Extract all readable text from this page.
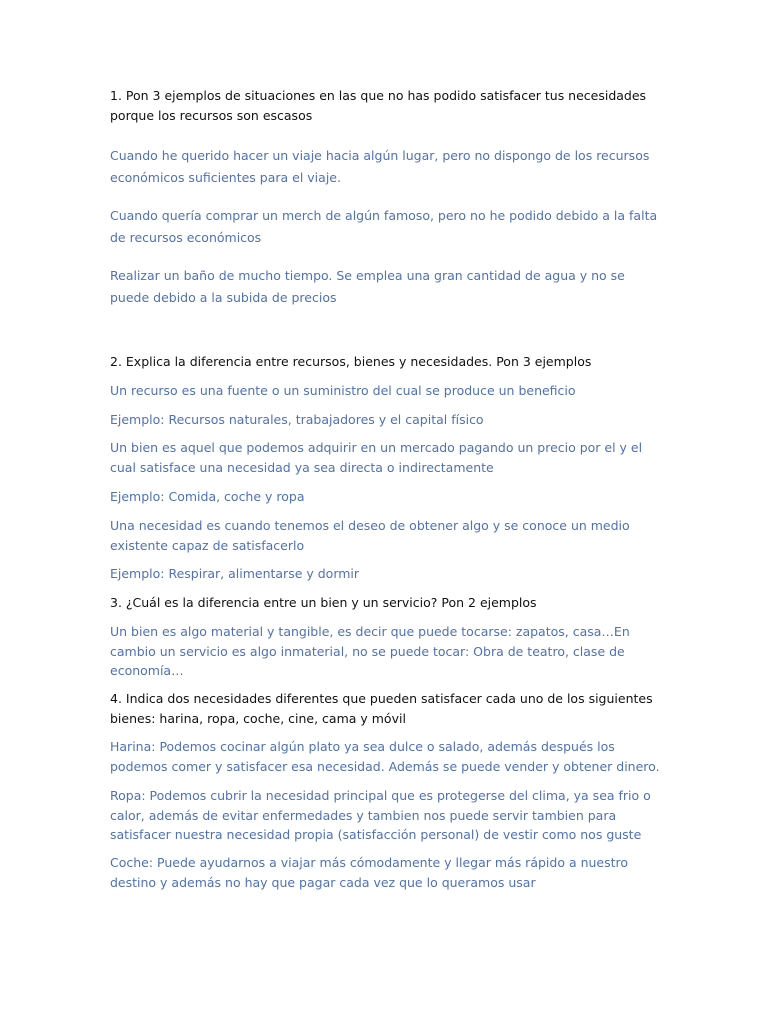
1. Pon 3 ejemplos de situaciones en las que no has podido satisfacer tus necesidades porque los recursos son escasos

Cuando he querido hacer un viaje hacia algún lugar, pero no dispongo de los recursos económicos suficientes para el viaje.

Cuando quería comprar un merch de algún famoso, pero no he podido debido a la falta de recursos económicos

Realizar un baño de mucho tiempo. Se emplea una gran cantidad de agua y no se puede debido a la subida de precios

2. Explica la diferencia entre recursos, bienes y necesidades. Pon 3 ejemplos

Un recurso es una fuente o un suministro del cual se produce un beneficio

Ejemplo: Recursos naturales, trabajadores y el capital físico

Un bien es aquel que podemos adquirir en un mercado pagando un precio por el y el cual satisface una necesidad ya sea directa o indirectamente

Ejemplo: Comida, coche y ropa

Una necesidad es cuando tenemos el deseo de obtener algo y se conoce un medio existente capaz de satisfacerlo

Ejemplo: Respirar, alimentarse y dormir

3. ¿Cuál es la diferencia entre un bien y un servicio? Pon 2 ejemplos

Un bien es algo material y tangible, es decir que puede tocarse: zapatos, casa…En cambio un servicio es algo inmaterial, no se puede tocar: Obra de teatro, clase de economía…

4. Indica dos necesidades diferentes que pueden satisfacer cada uno de los siguientes bienes: harina, ropa, coche, cine, cama y móvil

Harina: Podemos cocinar algún plato ya sea dulce o salado, además después los podemos comer y satisfacer esa necesidad. Además se puede vender y obtener dinero.

Ropa: Podemos cubrir la necesidad principal que es protegerse del clima, ya sea frio o calor, además de evitar enfermedades y tambien nos puede servir tambien para satisfacer nuestra necesidad propia (satisfacción personal) de vestir como nos guste

Coche: Puede ayudarnos a viajar más cómodamente y llegar más rápido a nuestro destino y además no hay que pagar cada vez que lo queramos usar
